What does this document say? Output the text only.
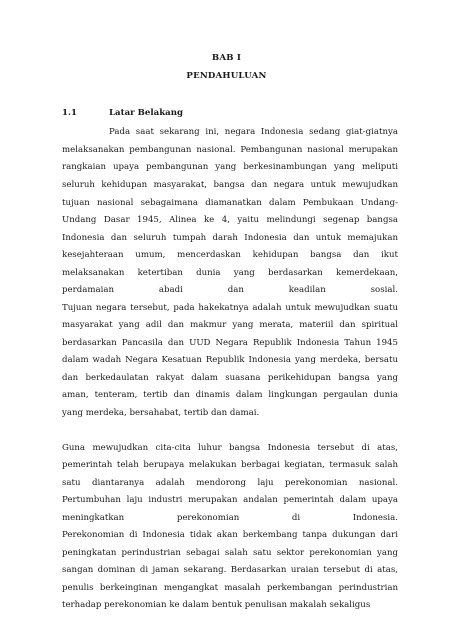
BAB I
PENDAHULUAN
1.1	Latar Belakang
Pada saat sekarang ini, negara Indonesia sedang giat-giatnya
melaksanakan pembangunan nasional. Pembangunan nasional merupakan
rangkaian upaya pembangunan yang berkesinambungan yang meliputi
seluruh kehidupan masyarakat, bangsa dan negara untuk mewujudkan
tujuan nasional sebagaimana diamanatkan dalam Pembukaan Undang-
Undang Dasar 1945, Alinea ke 4, yaitu melindungi segenap bangsa
Indonesia dan seluruh tumpah darah Indonesia dan untuk memajukan
kesejahteraan umum, mencerdaskan kehidupan bangsa dan ikut
melaksanakan ketertiban dunia yang berdasarkan kemerdekaan,
perdamaian abadi dan keadilan sosial.
Tujuan negara tersebut, pada hakekatnya adalah untuk mewujudkan suatu
masyarakat yang adil dan makmur yang merata, materiil dan spiritual
berdasarkan Pancasila dan UUD Negara Republik Indonesia Tahun 1945
dalam wadah Negara Kesatuan Republik Indonesia yang merdeka, bersatu
dan berkedaulatan rakyat dalam suasana perikehidupan bangsa yang
aman, tenteram, tertib dan dinamis dalam lingkungan pergaulan dunia
yang merdeka, bersahabat, tertib dan damai.
Guna mewujudkan cita-cita luhur bangsa Indonesia tersebut di atas,
pemerintah telah berupaya melakukan berbagai kegiatan, termasuk salah
satu diantaranya adalah mendorong laju perekonomian nasional.
Pertumbuhan laju industri merupakan andalan pemerintah dalam upaya
meningkatkan perekonomian di Indonesia.
Perekonomian di Indonesia tidak akan berkembang tanpa dukungan dari
peningkatan perindustrian sebagai salah satu sektor perekonomian yang
sangan dominan di jaman sekarang. Berdasarkan uraian tersebut di atas,
penulis berkeinginan mengangkat masalah perkembangan perindustrian
terhadap perekonomian ke dalam bentuk penulisan makalah sekaligus
